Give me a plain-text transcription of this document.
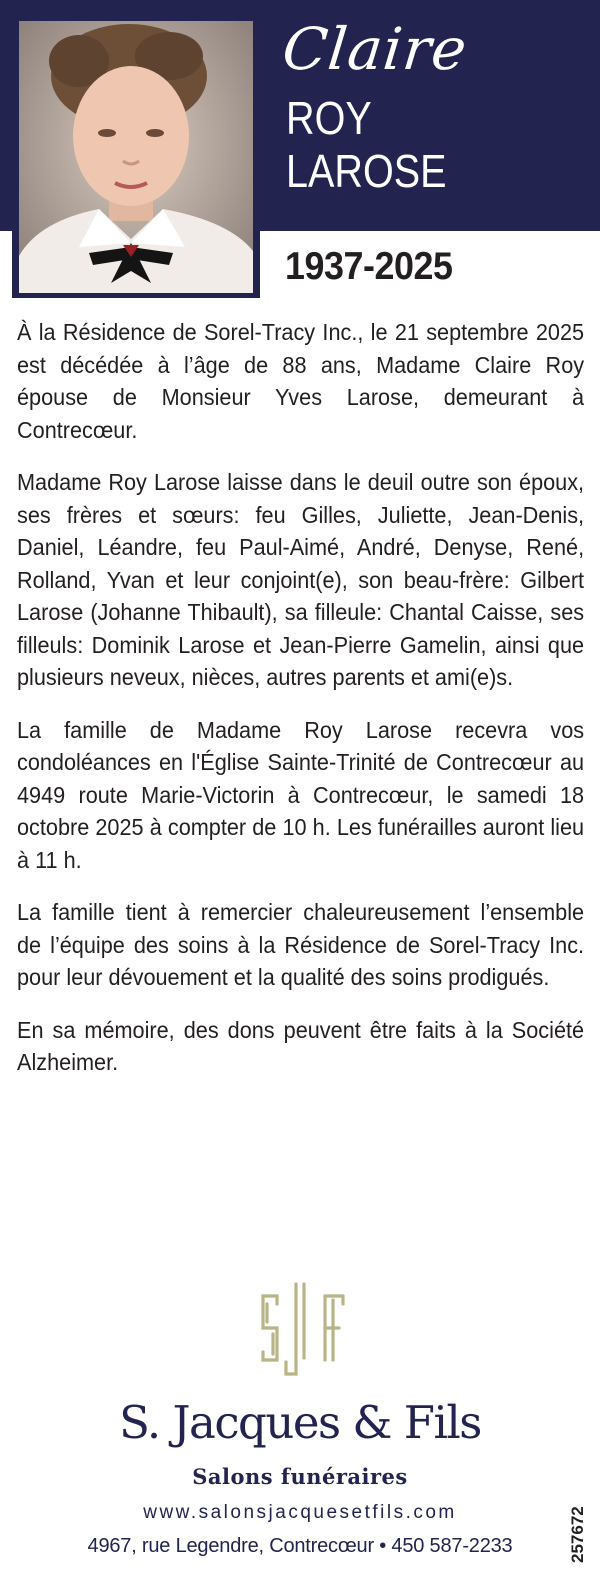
Claire
ROY
LAROSE
1937-2025

À la Résidence de Sorel-Tracy Inc., le 21 septembre 2025 est décédée à l’âge de 88 ans, Madame Claire Roy épouse de Monsieur Yves Larose, demeurant à Contrecœur.

Madame Roy Larose laisse dans le deuil outre son époux, ses frères et sœurs: feu Gilles, Juliette, Jean-Denis, Daniel, Léandre, feu Paul-Aimé, André, Denyse, René, Rolland, Yvan et leur conjoint(e), son beau-frère: Gilbert Larose (Johanne Thibault), sa filleule: Chantal Caisse, ses filleuls: Dominik Larose et Jean-Pierre Gamelin, ainsi que plusieurs neveux, nièces, autres parents et ami(e)s.

La famille de Madame Roy Larose recevra vos condoléances en l'Église Sainte-Trinité de Contrecœur au 4949 route Marie-Victorin à Contrecœur, le samedi 18 octobre 2025 à compter de 10 h. Les funérailles auront lieu à 11 h.

La famille tient à remercier chaleureusement l’ensemble de l’équipe des soins à la Résidence de Sorel-Tracy Inc. pour leur dévouement et la qualité des soins prodigués.

En sa mémoire, des dons peuvent être faits à la Société Alzheimer.

S. Jacques & Fils
Salons funéraires
www.salonsjacquesetfils.com
4967, rue Legendre, Contrecœur • 450 587-2233	257672
